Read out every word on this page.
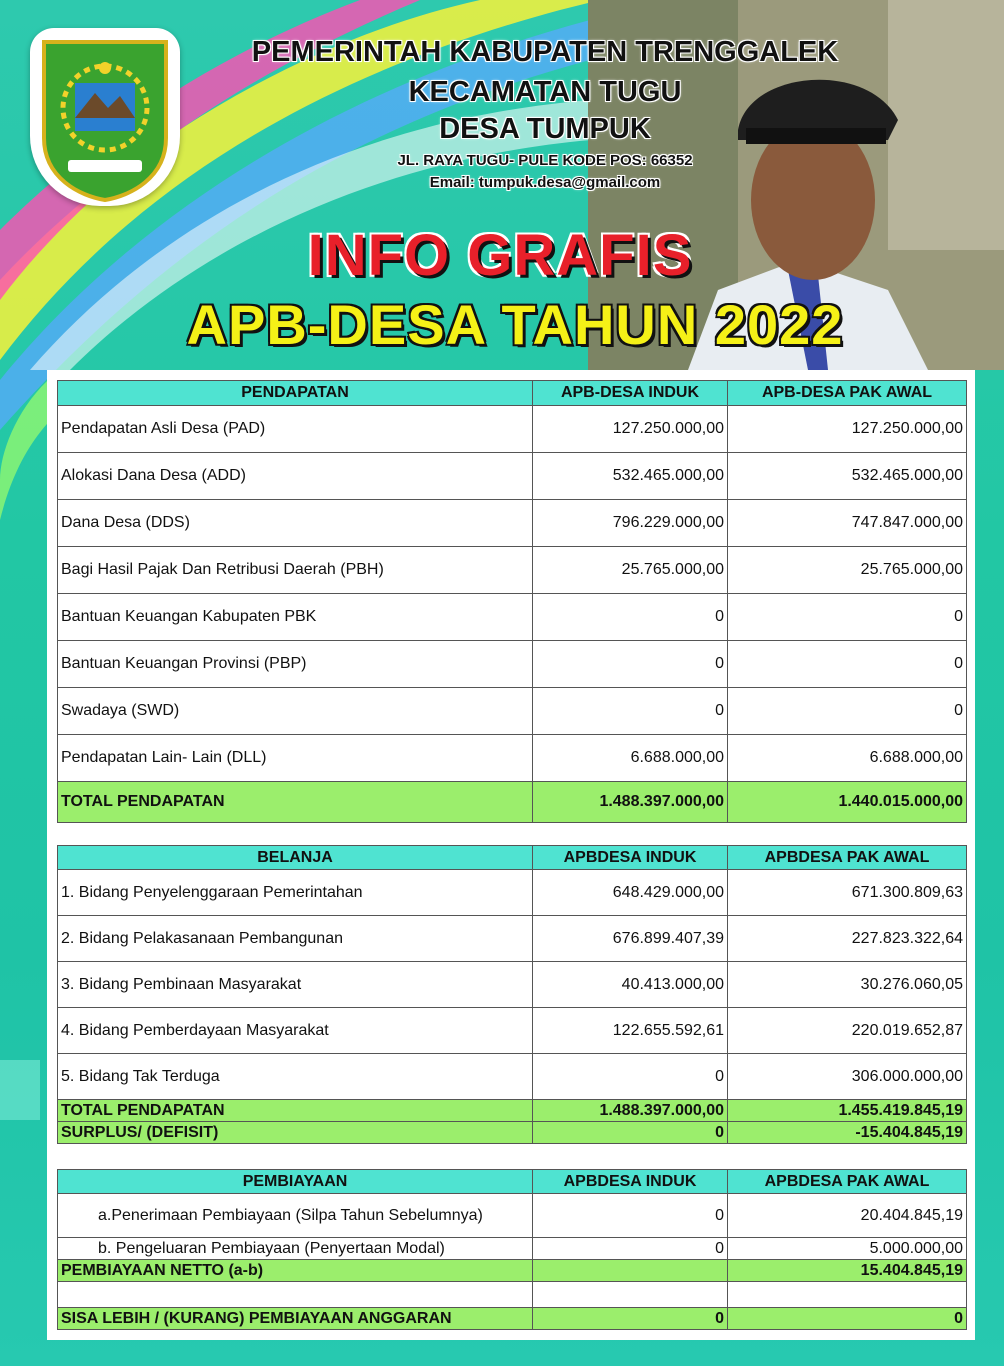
PEMERINTAH KABUPATEN TRENGGALEK
KECAMATAN TUGU
DESA TUMPUK
JL. RAYA TUGU- PULE KODE POS: 66352
Email: tumpuk.desa@gmail.com
INFO GRAFIS
APB-DESA TAHUN 2022
PENDAPATAN	APB-DESA INDUK	APB-DESA PAK AWAL
Pendapatan Asli Desa (PAD)	127.250.000,00	127.250.000,00
Alokasi Dana Desa (ADD)	532.465.000,00	532.465.000,00
Dana Desa (DDS)	796.229.000,00	747.847.000,00
Bagi Hasil Pajak Dan Retribusi Daerah (PBH)	25.765.000,00	25.765.000,00
Bantuan Keuangan Kabupaten PBK	0	0
Bantuan Keuangan Provinsi (PBP)	0	0
Swadaya (SWD)	0	0
Pendapatan Lain- Lain (DLL)	6.688.000,00	6.688.000,00
TOTAL PENDAPATAN	1.488.397.000,00	1.440.015.000,00
BELANJA	APBDESA INDUK	APBDESA PAK AWAL
1. Bidang Penyelenggaraan Pemerintahan	648.429.000,00	671.300.809,63
2. Bidang Pelakasanaan Pembangunan	676.899.407,39	227.823.322,64
3. Bidang Pembinaan Masyarakat	40.413.000,00	30.276.060,05
4. Bidang Pemberdayaan Masyarakat	122.655.592,61	220.019.652,87
5. Bidang Tak Terduga	0	306.000.000,00
TOTAL PENDAPATAN	1.488.397.000,00	1.455.419.845,19
SURPLUS/ (DEFISIT)	0	-15.404.845,19
PEMBIAYAAN	APBDESA INDUK	APBDESA PAK AWAL
a.Penerimaan Pembiayaan (Silpa Tahun Sebelumnya)	0	20.404.845,19
b. Pengeluaran Pembiayaan (Penyertaan Modal)	0	5.000.000,00
PEMBIAYAAN NETTO (a-b)		15.404.845,19

SISA LEBIH / (KURANG) PEMBIAYAAN ANGGARAN	0	0
